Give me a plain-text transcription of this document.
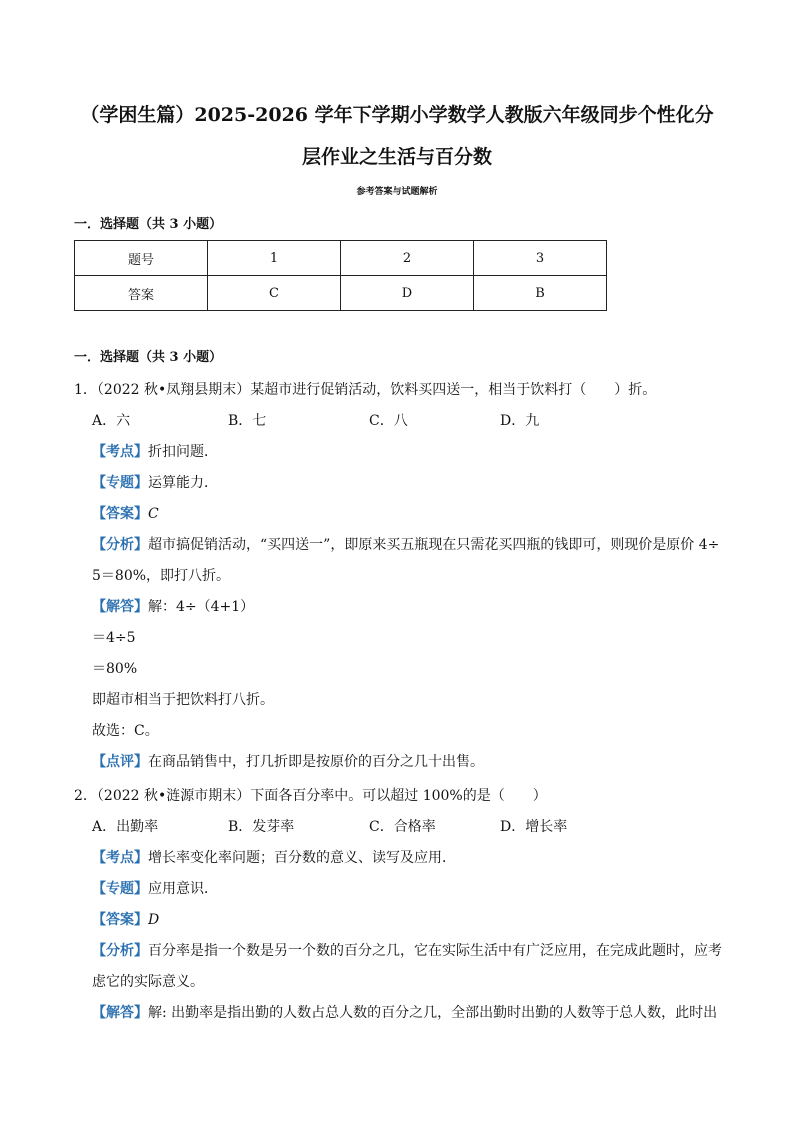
（学困生篇）2025-2026 学年下学期小学数学人教版六年级同步个性化分
层作业之生活与百分数
参考答案与试题解析
一．选择题（共 3 小题）
题号	1	2	3
答案	C	D	B
一．选择题（共 3 小题）
1．（2022 秋•凤翔县期末）某超市进行促销活动，饮料买四送一，相当于饮料打（　　）折。
A．六	B．七	C．八	D．九
【考点】折扣问题．
【专题】运算能力．
【答案】C
【分析】超市搞促销活动，“买四送一”，即原来买五瓶现在只需花买四瓶的钱即可，则现价是原价 4÷
5＝80%，即打八折。
【解答】解：4÷（4+1）
＝4÷5
＝80%
即超市相当于把饮料打八折。
故选：C。
【点评】在商品销售中，打几折即是按原价的百分之几十出售。
2．（2022 秋•涟源市期末）下面各百分率中。可以超过 100%的是（　　）
A．出勤率	B．发芽率	C．合格率	D．增长率
【考点】增长率变化率问题；百分数的意义、读写及应用．
【专题】应用意识．
【答案】D
【分析】百分率是指一个数是另一个数的百分之几，它在实际生活中有广泛应用，在完成此题时，应考
虑它的实际意义。
【解答】解: 出勤率是指出勤的人数占总人数的百分之几，全部出勤时出勤的人数等于总人数，此时出
